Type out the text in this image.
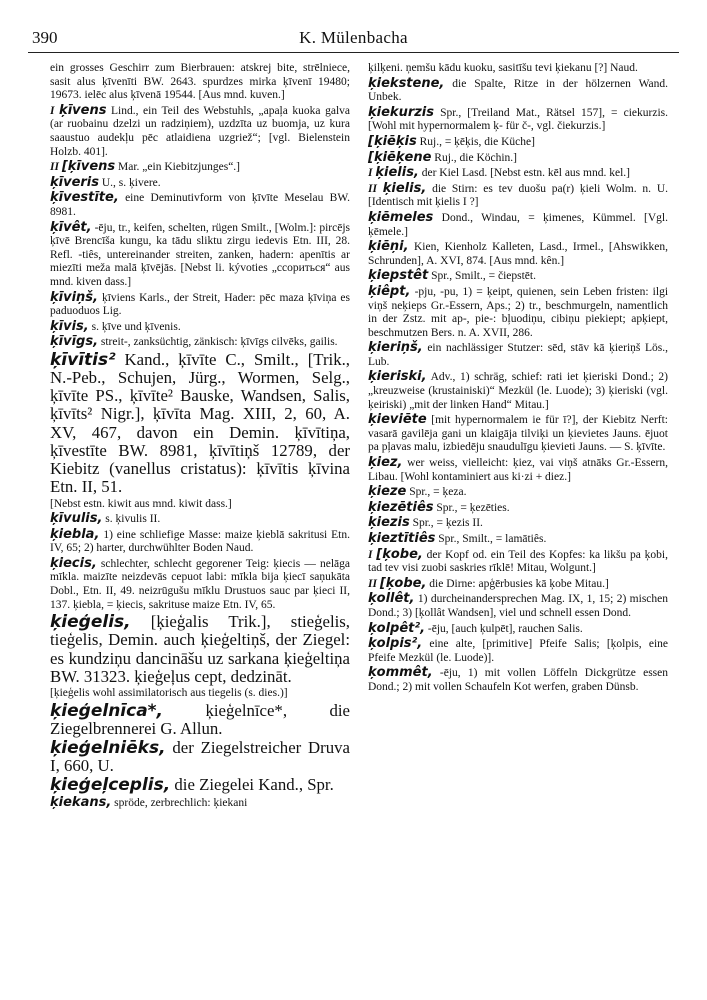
390	K. Mülenbacha
ein grosses Geschirr zum Bierbrauen: atskrej bite, strēlniece, sasit alus ķīvenīti BW. 2643. spurdzes mirka ķīvenī 19480; 19673. ielēc alus ķīvenā 19544. [Aus mnd. kuven.]
I ķīvens Lind., ein Teil des Webstuhls, „apaļa kuoka galva (ar ruobainu dzelzi un radziņiem), uzdzīta uz buomja, uz kura saaustuo audekļu pēc atlaidiena uzgriež“; [vgl. Bielenstein Holzb. 401].
II [ķīvens Mar. „ein Kiebitzjunges“.]
ķīveris U., s. ķivere.
ķīvestīte, eine Deminutivform von ķīvīte Meselau BW. 8981.
ķīvêt, -ēju, tr., keifen, schelten, rügen Smilt., [Wolm.]: pircējs ķīvē Brencīša kungu, ka tādu sliktu zirgu iedevis Etn. III, 28. Refl. -tiês, untereinander streiten, zanken, hadern: apenītis ar miezīti meža malā ķīvējās. [Nebst li. kývoties „ссориться“ aus mnd. kiven dass.]
ķīviņš, ķīviens Karls., der Streit, Hader: pēc maza ķīviņa es paduoduos Lig.
ķīvis, s. ķīve und ķīvenis.
ķīvīgs, streit-, zanksüchtig, zänkisch: ķīvīgs cilvēks, gailis.
ķīvītis² Kand., ķīvīte C., Smilt., [Trik., N.-Peb., Schujen, Jürg., Wormen, Selg., ķīvīte PS., ķīvīte² Bauske, Wandsen, Salis, ķīvīts² Nigr.], ķīvīta Mag. XIII, 2, 60, A. XV, 467, davon ein Demin. ķīvītiņa, ķīvestīte BW. 8981, ķīvītiņš 12789, der Kiebitz (vanellus cristatus): ķīvītis ķīvina Etn. II, 51.
[Nebst estn. kiwit aus mnd. kiwit dass.]
ķīvulis, s. ķivulis II.
ķiebla, 1) eine schliefige Masse: maize ķieblā sakritusi Etn. IV, 65; 2) harter, durchwühlter Boden Naud.
ķiecis, schlechter, schlecht gegorener Teig: ķiecis — nelāga mīkla. maizīte neizdevās cepuot labi: mīkla bija ķiecī saņukāta Dobl., Etn. II, 49. neizrūgušu mīklu Drustuos sauc par ķieci II, 137. ķiebla, = ķiecis, sakrituse maize Etn. IV, 65.
ķieģelis, [ķieģalis Trik.], stieģelis, tieģelis, Demin. auch ķieģeltiņš, der Ziegel: es kundziņu dancināšu uz sarkana ķieģeltiņa BW. 31323. ķieģeļus cept, dedzināt.
[ķieģelis wohl assimilatorisch aus tiegelis (s. dies.)]
ķieģelnīca*,	ķieģelnīce*, die Ziegelbrennerei G. Allun.
ķieģelniēks, der Ziegelstreicher Druva I, 660, U.
ķieģeļceplis, die Ziegelei Kand., Spr.
ķiekans, spröde, zerbrechlich: ķiekani
ķilķeni. ņemšu kādu kuoku, sasitīšu tevi ķiekanu [?] Naud.
ķiekstene, die Spalte, Ritze in der hölzernen Wand. Unbek.
ķiekurzis Spr., [Treiland Mat., Rätsel 157], = ciekurzis. [Wohl mit hypernormalem ķ- für č-, vgl. čiekurzis.]
[ķiēķis Ruj., = ķēķis, die Küche]
[ķiēķene Ruj., die Köchin.]
I ķielis, der Kiel Lasd. [Nebst estn. kēl aus mnd. kel.]
II ķielis, die Stirn: es tev duošu pa(r) ķieli Wolm. n. U. [Identisch mit ķielis I ?]
ķiēmeles Dond., Windau, = ķimenes, Kümmel. [Vgl. ķēmele.]
ķiēņi, Kien, Kienholz Kalleten, Lasd., Irmel., [Ahswikken, Schrunden], A. XVI, 874. [Aus mnd. kên.]
ķiepstêt Spr., Smilt., = čiepstēt.
ķiêpt, -pju, -pu, 1) = ķeipt, quienen, sein Leben fristen: ilgi viņš neķieps Gr.-Essern, Aps.; 2) tr., beschmurgeln, namentlich in der Zstz. mit ap-, pie-: bļuodiņu, cibiņu piekiept; apķiept, beschmutzen Bers. n. A. XVII, 286.
ķieriņš, ein nachlässiger Stutzer: sēd, stāv kā ķieriņš Lös., Lub.
ķieriski, Adv., 1) schräg, schief: rati iet ķieriski Dond.; 2) „kreuzweise (krustainiski)“ Mezkül (le. Luode); 3) ķieriski (vgl. ķeiriski) „mit der linken Hand“ Mitau.]
ķieviēte [mit hypernormalem ie für ī?], der Kiebitz Nerft: vasarā gavilēja gani un klaigāja tilviķi un ķievietes Jauns. ējuot pa pļavas malu, izbiedēju snaudulīgu ķievieti Jauns. — S. ķīvīte.
ķiez, wer weiss, vielleicht: ķiez, vai viņš atnāks Gr.-Essern, Libau. [Wohl kontaminiert aus ki·zi + diez.]
ķieze Spr., = ķeza.
ķiezētiês Spr., = ķezēties.
ķiezis Spr., = ķezis II.
ķieztītiês Spr., Smilt., = lamātiês.
I [ķobe, der Kopf od. ein Teil des Kopfes: ka likšu pa ķobi, tad tev visi zuobi saskries rīklē! Mitau, Wolgunt.]
II [ķobe, die Dirne: apģērbusies kā ķobe Mitau.]
ķollêt, 1) durcheinandersprechen Mag. IX, 1, 15; 2) mischen Dond.; 3) [ķollât Wandsen], viel und schnell essen Dond.
ķolpêt², -ēju, [auch ķulpēt], rauchen Salis.
ķolpis², eine alte, [primitive] Pfeife Salis; [ķolpis, eine Pfeife Mezkül (le. Luode)].
ķommêt, -ēju, 1) mit vollen Löffeln Dickgrütze essen Dond.; 2) mit vollen Schaufeln Kot werfen, graben Dünsb.
